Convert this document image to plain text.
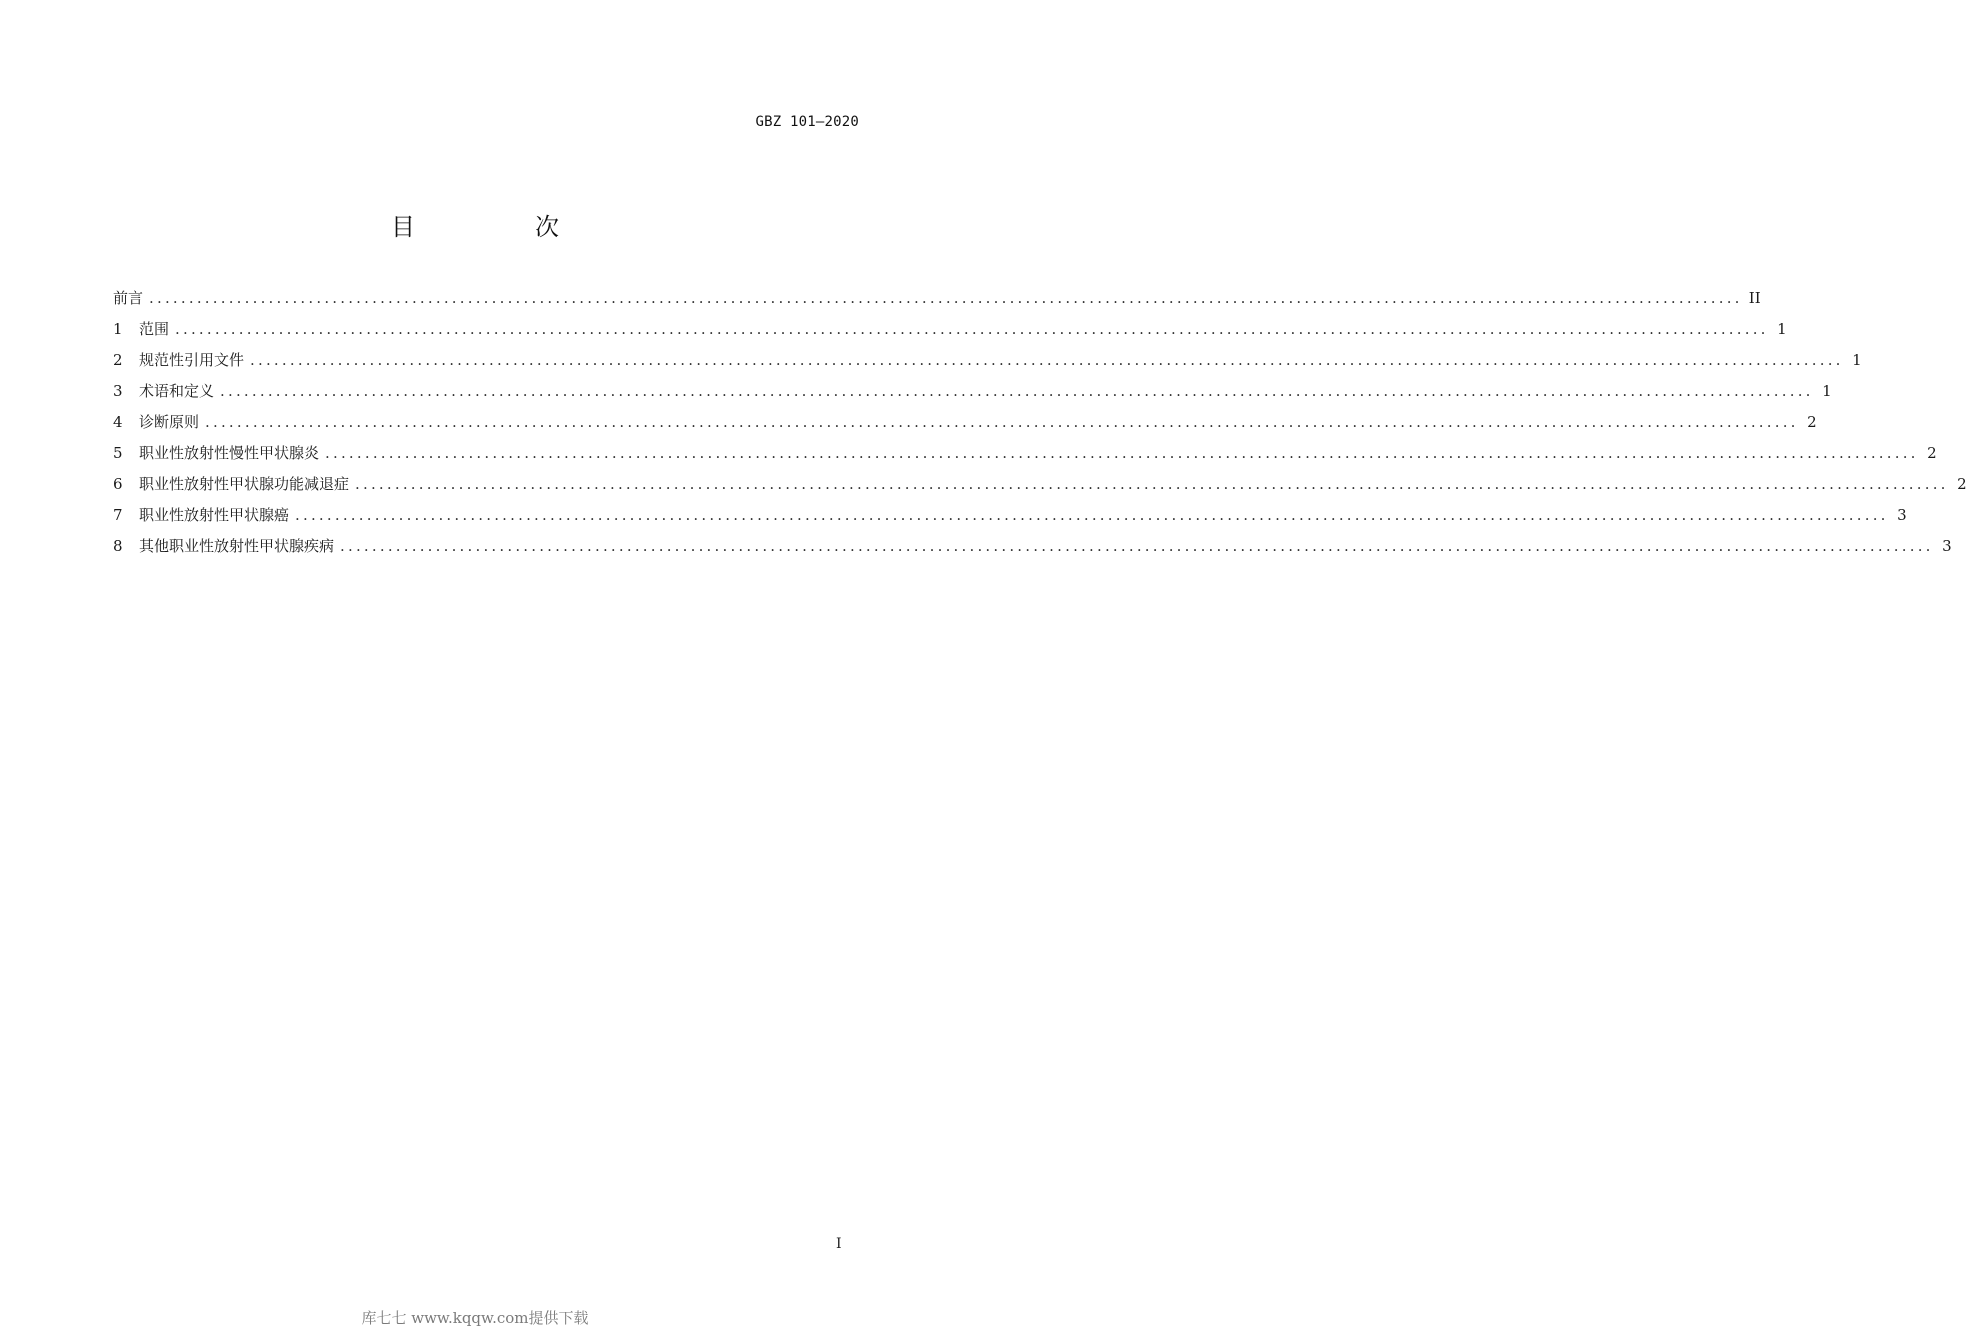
GBZ 101—2020
目　次
前言 ........................................................................................................................................................................................................ II
1	范围 ........................................................................................................................................................................................................ 1
2	规范性引用文件 ........................................................................................................................................................................................................ 1
3	术语和定义 ........................................................................................................................................................................................................ 1
4	诊断原则 ........................................................................................................................................................................................................ 2
5	职业性放射性慢性甲状腺炎 ........................................................................................................................................................................................................ 2
6	职业性放射性甲状腺功能减退症 ........................................................................................................................................................................................................ 2
7	职业性放射性甲状腺癌 ........................................................................................................................................................................................................ 3
8	其他职业性放射性甲状腺疾病 ........................................................................................................................................................................................................ 3
I
库七七 www.kqqw.com提供下载
